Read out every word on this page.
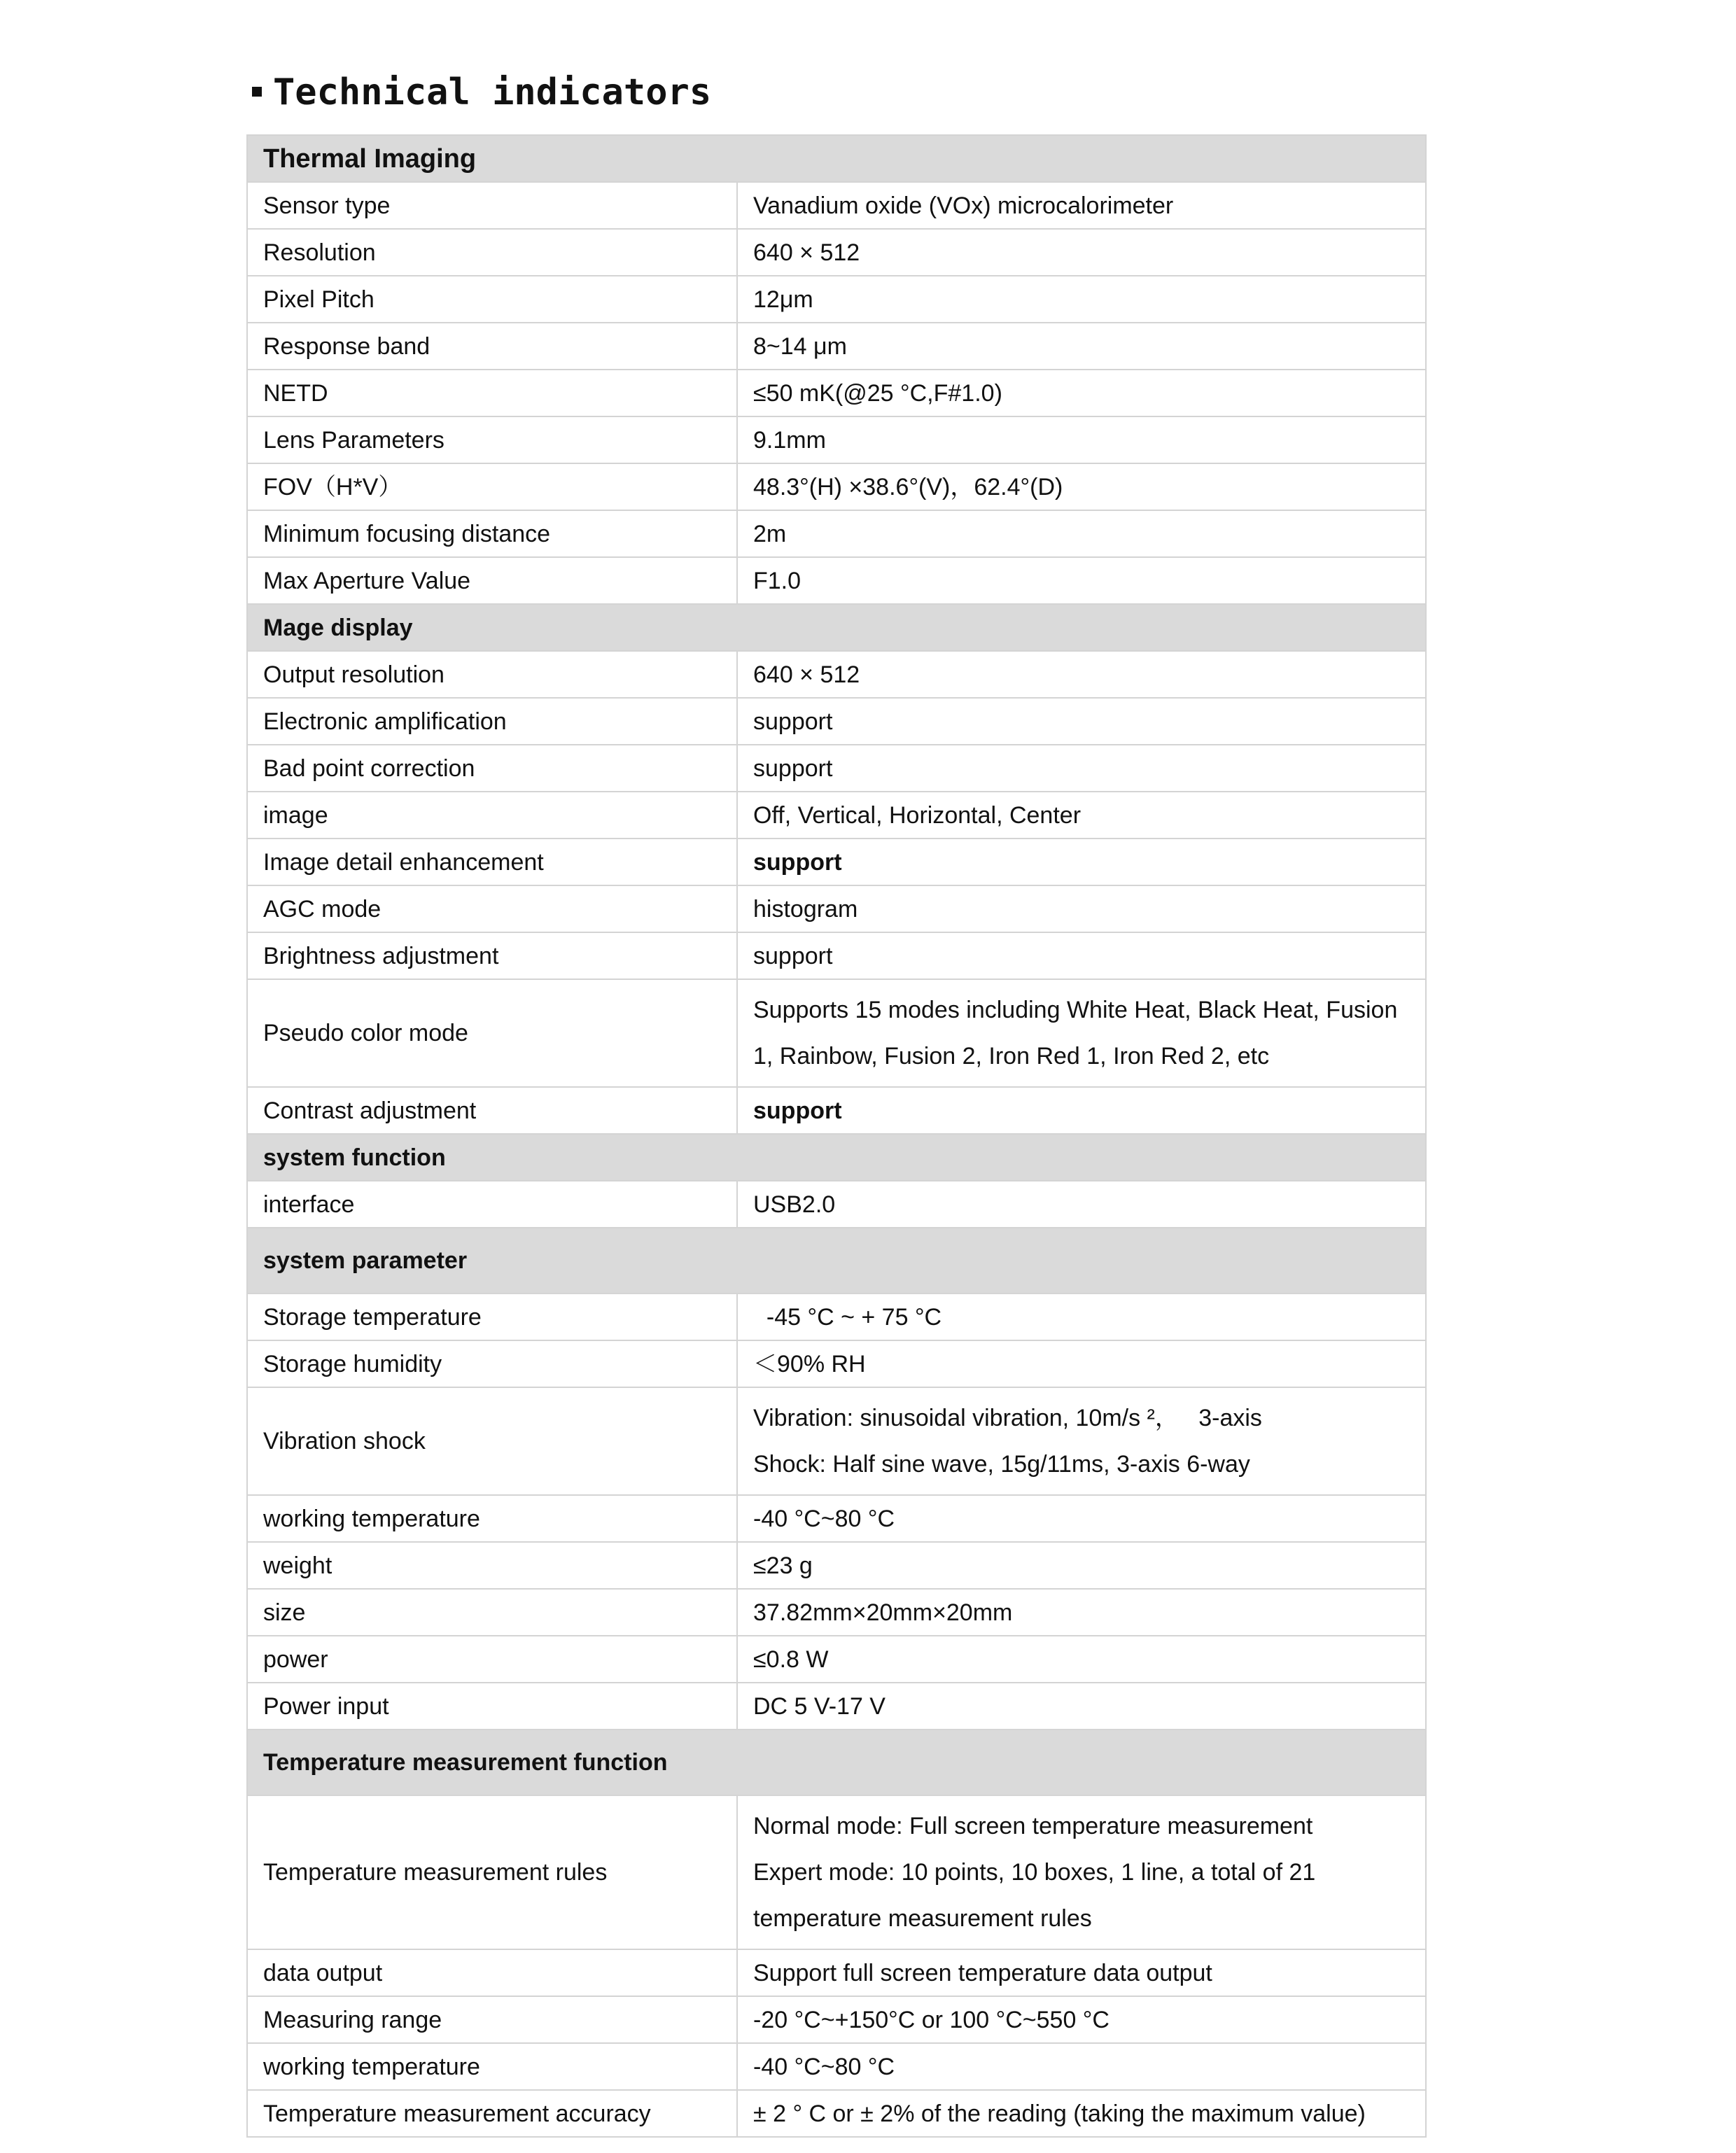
Technical indicators
Thermal Imaging	
Sensor type	Vanadium oxide (VOx) microcalorimeter
Resolution	640 × 512
Pixel Pitch	12μm
Response band	8~14 μm
NETD	≤50 mK(@25 °C,F#1.0)
Lens Parameters	9.1mm
FOV（H*V）	48.3°(H) ×38.6°(V)，62.4°(D)
Minimum focusing distance	2m
Max Aperture Value	F1.0
Mage display	
Output resolution	640 × 512
Electronic amplification	support
Bad point correction	support
image	Off, Vertical, Horizontal, Center
Image detail enhancement	support
AGC mode	histogram
Brightness adjustment	support
Pseudo color mode	Supports 15 modes including White Heat, Black Heat, Fusion
1, Rainbow, Fusion 2, Iron Red 1, Iron Red 2, etc

Contrast adjustment	support
system function	
interface	USB2.0
system parameter	
Storage temperature	-45 °C ~ + 75 °C
Storage humidity	＜90% RH
Vibration shock	Vibration: sinusoidal vibration, 10m/s ²，   3-axis
Shock: Half sine wave, 15g/11ms, 3-axis 6-way

working temperature	-40 °C~80 °C
weight	≤23 g
size	37.82mm×20mm×20mm
power	≤0.8 W
Power input	DC 5 V-17 V
Temperature measurement function	
Temperature measurement rules	Normal mode: Full screen temperature measurement
Expert mode: 10 points, 10 boxes, 1 line, a total of 21
temperature measurement rules

data output	Support full screen temperature data output
Measuring range	-20 °C~+150°C or 100 °C~550 °C
working temperature	-40 °C~80 °C
Temperature measurement accuracy	± 2 ° C or ± 2% of the reading (taking the maximum value)
